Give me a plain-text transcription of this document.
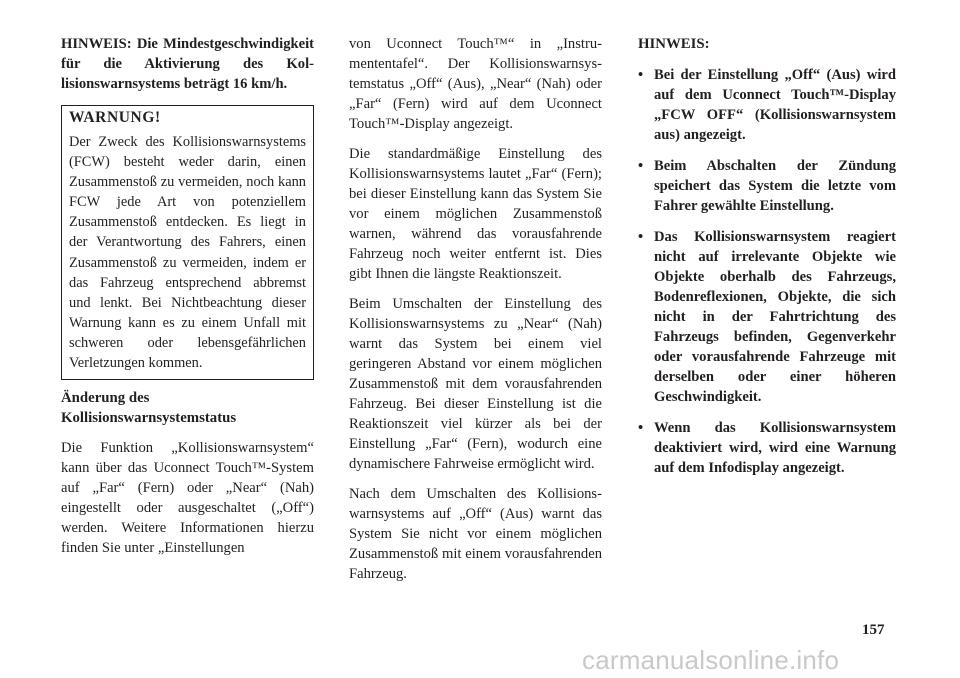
HINWEIS: Die Mindestgeschwindigkeit für die Aktivierung des Kollisionswarnsystems beträgt 16 km/h.

WARNUNG!

Der Zweck des Kollisionswarnsystems (FCW) besteht weder darin, einen Zusammenstoß zu vermeiden, noch kann FCW jede Art von potenziellem Zusammenstoß entdecken. Es liegt in der Verantwortung des Fahrers, einen Zusammenstoß zu vermeiden, indem er das Fahrzeug entsprechend abbremst und lenkt. Bei Nichtbeachtung dieser Warnung kann es zu einem Unfall mit schweren oder lebensgefährlichen Verletzungen kommen.

Änderung des Kollisionswarnsystemstatus

Die Funktion „Kollisionswarnsystem“ kann über das Uconnect Touch™-System auf „Far“ (Fern) oder „Near“ (Nah) eingestellt oder ausgeschaltet („Off“) werden. Weitere Informationen hierzu finden Sie unter „Einstellungen

von Uconnect Touch™“ in „Instrumententafel“. Der Kollisionswarnsystemstatus „Off“ (Aus), „Near“ (Nah) oder „Far“ (Fern) wird auf dem Uconnect Touch™-Display angezeigt.

Die standardmäßige Einstellung des Kollisionswarnsystems lautet „Far“ (Fern); bei dieser Einstellung kann das System Sie vor einem möglichen Zusammenstoß warnen, während das vorausfahrende Fahrzeug noch weiter entfernt ist. Dies gibt Ihnen die längste Reaktionszeit.

Beim Umschalten der Einstellung des Kollisionswarnsystems zu „Near“ (Nah) warnt das System bei einem viel geringeren Abstand vor einem möglichen Zusammenstoß mit dem vorausfahrenden Fahrzeug. Bei dieser Einstellung ist die Reaktionszeit viel kürzer als bei der Einstellung „Far“ (Fern), wodurch eine dynamischere Fahrweise ermöglicht wird.

Nach dem Umschalten des Kollisionswarnsystems auf „Off“ (Aus) warnt das System Sie nicht vor einem möglichen Zusammenstoß mit einem vorausfahrenden Fahrzeug.

HINWEIS:

• Bei der Einstellung „Off“ (Aus) wird auf dem Uconnect Touch™-Display „FCW OFF“ (Kollisionswarnsystem aus) angezeigt.
• Beim Abschalten der Zündung speichert das System die letzte vom Fahrer gewählte Einstellung.
• Das Kollisionswarnsystem reagiert nicht auf irrelevante Objekte wie Objekte oberhalb des Fahrzeugs, Bodenreflexionen, Objekte, die sich nicht in der Fahrtrichtung des Fahrzeugs befinden, Gegenverkehr oder vorausfahrende Fahrzeuge mit derselben oder einer höheren Geschwindigkeit.
• Wenn das Kollisionswarnsystem deaktiviert wird, wird eine Warnung auf dem Infodisplay angezeigt.
157
carmanualsonline.info
